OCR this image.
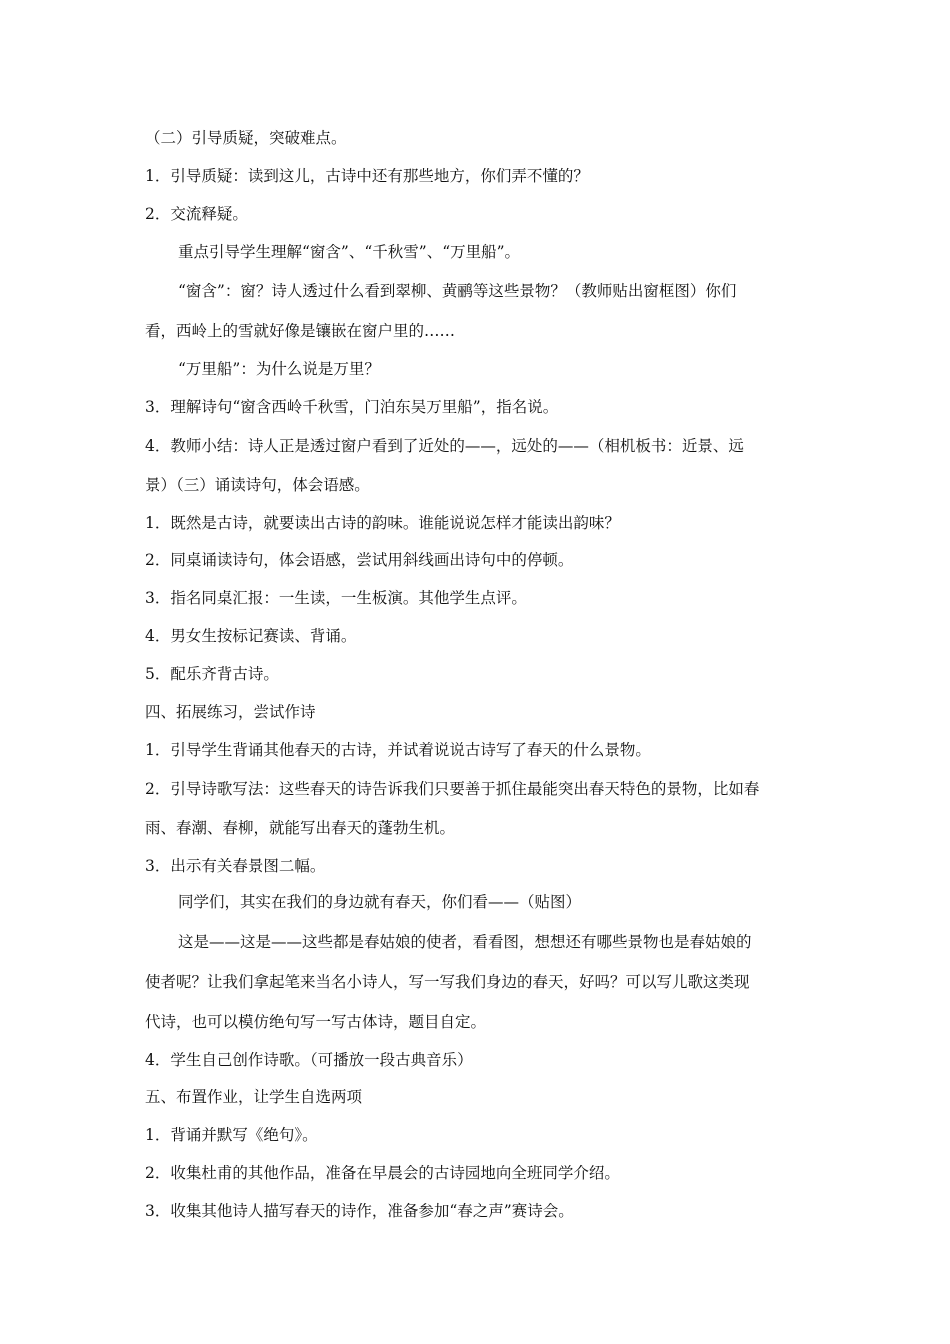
（二）引导质疑，突破难点。
1．引导质疑：读到这儿，古诗中还有那些地方，你们弄不懂的？
2．交流释疑。
重点引导学生理解“窗含”、“千秋雪”、“万里船”。
“窗含”：窗？诗人透过什么看到翠柳、黄鹂等这些景物？（教师贴出窗框图）你们
看，西岭上的雪就好像是镶嵌在窗户里的……
“万里船”：为什么说是万里？
3．理解诗句“窗含西岭千秋雪，门泊东吴万里船”，指名说。
4．教师小结：诗人正是透过窗户看到了近处的——，远处的——（相机板书：近景、远
景）（三）诵读诗句，体会语感。
1．既然是古诗，就要读出古诗的韵味。谁能说说怎样才能读出韵味？
2．同桌诵读诗句，体会语感，尝试用斜线画出诗句中的停顿。
3．指名同桌汇报：一生读，一生板演。其他学生点评。
4．男女生按标记赛读、背诵。
5．配乐齐背古诗。
四、拓展练习，尝试作诗
1．引导学生背诵其他春天的古诗，并试着说说古诗写了春天的什么景物。
2．引导诗歌写法：这些春天的诗告诉我们只要善于抓住最能突出春天特色的景物，比如春
雨、春潮、春柳，就能写出春天的蓬勃生机。
3．出示有关春景图二幅。
同学们，其实在我们的身边就有春天，你们看——（贴图）
这是——这是——这些都是春姑娘的使者，看看图，想想还有哪些景物也是春姑娘的
使者呢？让我们拿起笔来当名小诗人，写一写我们身边的春天，好吗？可以写儿歌这类现
代诗，也可以模仿绝句写一写古体诗，题目自定。
4．学生自己创作诗歌。（可播放一段古典音乐）
五、布置作业，让学生自选两项
1．背诵并默写《绝句》。
2．收集杜甫的其他作品，准备在早晨会的古诗园地向全班同学介绍。
3．收集其他诗人描写春天的诗作，准备参加“春之声”赛诗会。
